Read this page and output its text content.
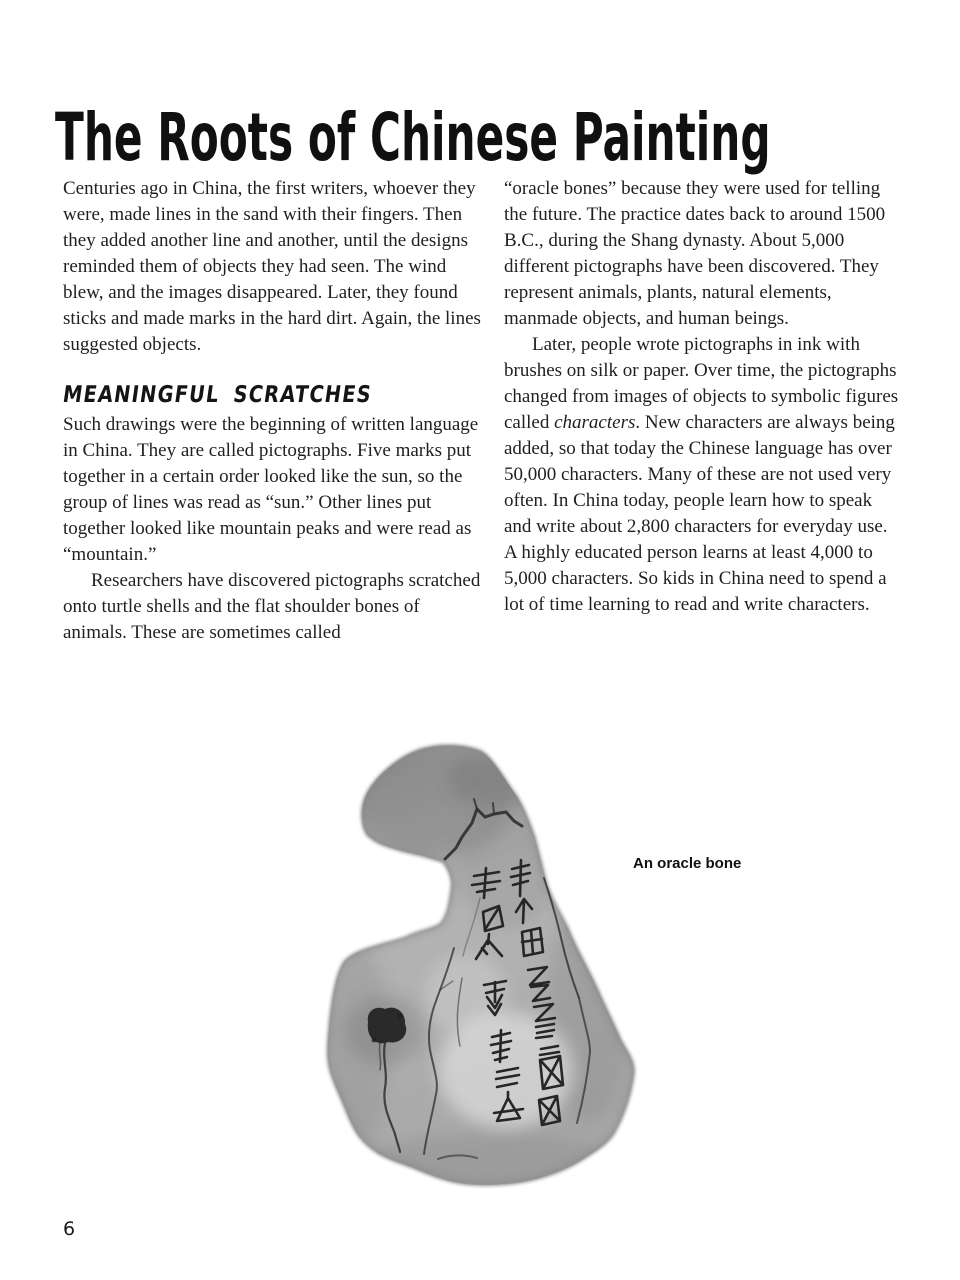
The Roots of Chinese Painting

Centuries ago in China, the first writers, whoever they were, made lines in the sand with their fingers. Then they added another line and another, until the designs reminded them of objects they had seen. The wind blew, and the images disappeared. Later, they found sticks and made marks in the hard dirt. Again, the lines suggested objects.

MEANINGFUL SCRATCHES

Such drawings were the beginning of written language in China. They are called pictographs. Five marks put together in a certain order looked like the sun, so the group of lines was read as “sun.” Other lines put together looked like mountain peaks and were read as “mountain.”

Researchers have discovered pictographs scratched onto turtle shells and the flat shoulder bones of animals. These are sometimes called

“oracle bones” because they were used for telling the future. The practice dates back to around 1500 B.C., during the Shang dynasty. About 5,000 different pictographs have been discovered. They represent animals, plants, natural elements, manmade objects, and human beings.

Later, people wrote pictographs in ink with brushes on silk or paper. Over time, the pictographs changed from images of objects to symbolic figures called characters. New characters are always being added, so that today the Chinese language has over 50,000 characters. Many of these are not used very often. In China today, people learn how to speak and write about 2,800 characters for everyday use. A highly educated person learns at least 4,000 to 5,000 characters. So kids in China need to spend a lot of time learning to read and write characters.

An oracle bone
6
